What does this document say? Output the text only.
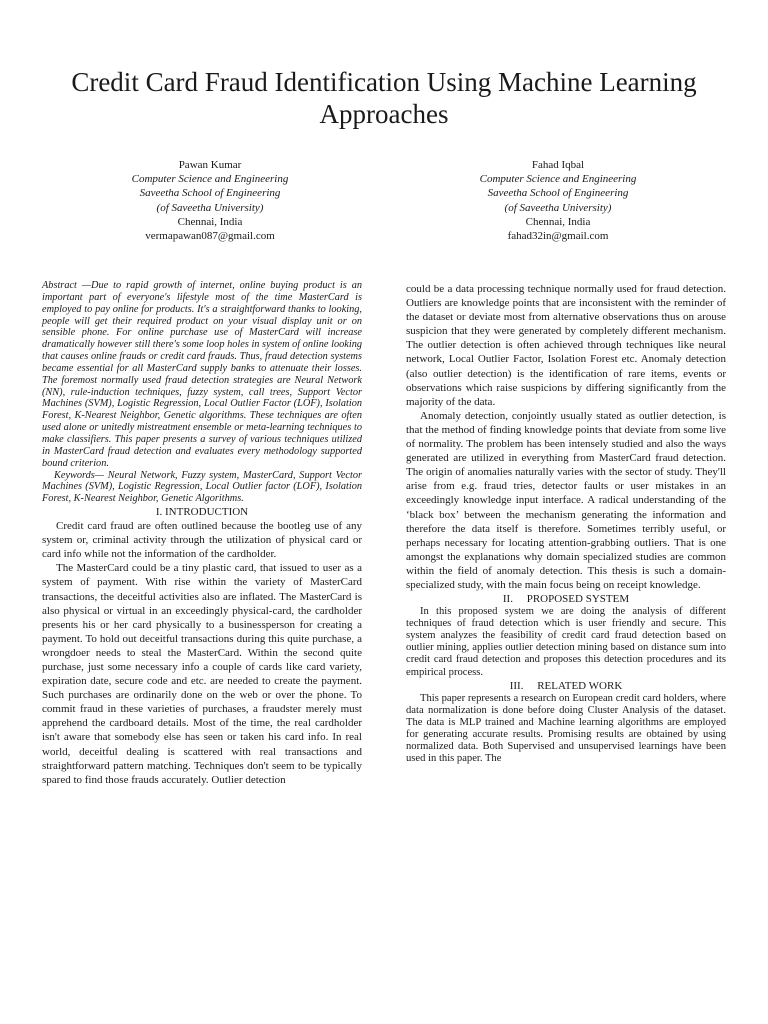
Credit Card Fraud Identification Using Machine Learning Approaches
Pawan Kumar
Computer Science and Engineering
Saveetha School of Engineering
(of Saveetha University)
Chennai, India
vermapawan087@gmail.com
Fahad Iqbal
Computer Science and Engineering
Saveetha School of Engineering
(of Saveetha University)
Chennai, India
fahad32in@gmail.com

Abstract —Due to rapid growth of internet, online buying product is an important part of everyone's lifestyle most of the time MasterCard is employed to pay online for products. It's a straightforward thanks to looking, people will get their required product on your visual display unit or on sensible phone. For online purchase use of MasterCard will increase dramatically however still there's some loop holes in system of online looking that causes online frauds or credit card frauds. Thus, fraud detection systems became essential for all MasterCard supply banks to attenuate their losses. The foremost normally used fraud detection strategies are Neural Network (NN), rule-induction techniques, fuzzy system, call trees, Support Vector Machines (SVM), Logistic Regression, Local Outlier Factor (LOF), Isolation Forest, K-Nearest Neighbor, Genetic algorithms. These techniques are often used alone or unitedly mistreatment ensemble or meta-learning techniques to make classifiers. This paper presents a survey of various techniques utilized in MasterCard fraud detection and evaluates every methodology supported bound criterion.

Keywords— Neural Network, Fuzzy system, MasterCard, Support Vector Machines (SVM), Logistic Regression, Local Outlier factor (LOF), Isolation Forest, K-Nearest Neighbor, Genetic Algorithms.

I. INTRODUCTION

Credit card fraud are often outlined because the bootleg use of any system or, criminal activity through the utilization of physical card or card info while not the information of the cardholder.

The MasterCard could be a tiny plastic card, that issued to user as a system of payment. With rise within the variety of MasterCard transactions, the deceitful activities also are inflated. The MasterCard is also physical or virtual in an exceedingly physical-card, the cardholder presents his or her card physically to a businessperson for creating a payment. To hold out deceitful transactions during this quite purchase, a wrongdoer needs to steal the MasterCard. Within the second quite purchase, just some necessary info a couple of cards like card variety, expiration date, secure code and etc. are needed to create the payment. Such purchases are ordinarily done on the web or over the phone. To commit fraud in these varieties of purchases, a fraudster merely must apprehend the cardboard details. Most of the time, the real cardholder isn't aware that somebody else has seen or taken his card info. In real world, deceitful dealing is scattered with real transactions and straightforward pattern matching. Techniques don't seem to be typically spared to find those frauds accurately. Outlier detection

could be a data processing technique normally used for fraud detection. Outliers are knowledge points that are inconsistent with the reminder of the dataset or deviate most from alternative observations thus on arouse suspicion that they were generated by completely different mechanism. The outlier detection is often achieved through techniques like neural network, Local Outlier Factor, Isolation Forest etc. Anomaly detection (also outlier detection) is the identification of rare items, events or observations which raise suspicions by differing significantly from the majority of the data.

Anomaly detection, conjointly usually stated as outlier detection, is that the method of finding knowledge points that deviate from some live of normality. The problem has been intensely studied and also the ways generated are utilized in everything from MasterCard fraud detection. The origin of anomalies naturally varies with the sector of study. They'll arise from e.g. fraud tries, detector faults or user mistakes in an exceedingly knowledge input interface. A radical understanding of the ‘black box’ between the mechanism generating the information and therefore the data itself is therefore. Sometimes terribly useful, or perhaps necessary for locating attention-grabbing outliers. That is one amongst the explanations why domain specialized studies are common within the field of anomaly detection. This thesis is such a domain-specialized study, with the main focus being on receipt knowledge.

II.     PROPOSED SYSTEM

In this proposed system we are doing the analysis of different techniques of fraud detection which is user friendly and secure. This system analyzes the feasibility of credit card fraud detection based on outlier mining, applies outlier detection mining based on distance sum into credit card fraud detection and proposes this detection procedures and its empirical process.

III.     RELATED WORK

This paper represents a research on European credit card holders, where data normalization is done before doing Cluster Analysis of the dataset. The data is MLP trained and Machine learning algorithms are employed for generating accurate results. Promising results are obtained by using normalized data. Both Supervised and unsupervised learnings have been used in this paper. The
